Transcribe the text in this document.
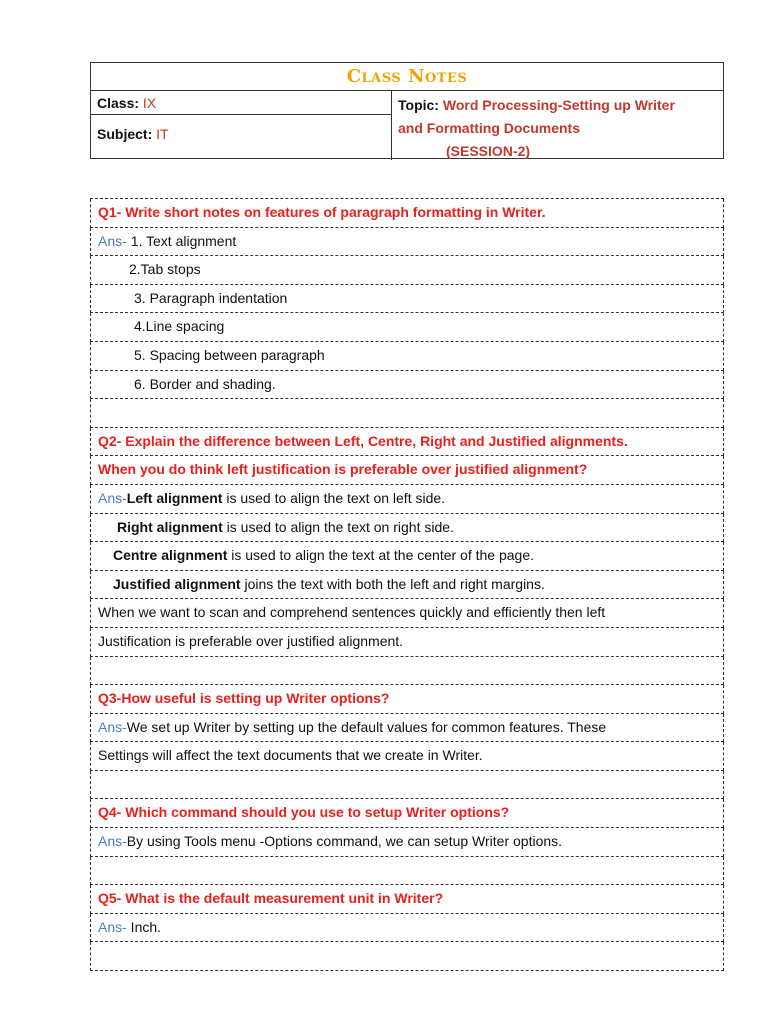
Class Notes
Class: IX
Subject: IT
Topic: Word Processing-Setting up Writer
and Formatting Documents
(SESSION-2)
Q1- Write short notes on features of paragraph formatting in Writer.
Ans- 1. Text alignment
2.Tab stops
3. Paragraph indentation
4.Line spacing
5. Spacing between paragraph
6. Border and shading.
Q2- Explain the difference between Left, Centre, Right and Justified alignments.
When you do think left justification is preferable over justified alignment?
Ans-Left alignment is used to align the text on left side.
Right alignment is used to align the text on right side.
Centre alignment is used to align the text at the center of the page.
Justified alignment joins the text with both the left and right margins.
When we want to scan and comprehend sentences quickly and efficiently then left
Justification is preferable over justified alignment.
Q3-How useful is setting up Writer options?
Ans-We set up Writer by setting up the default values for common features. These
Settings will affect the text documents that we create in Writer.
Q4- Which command should you use to setup Writer options?
Ans-By using Tools menu -Options command, we can setup Writer options.
Q5- What is the default measurement unit in Writer?
Ans- Inch.
